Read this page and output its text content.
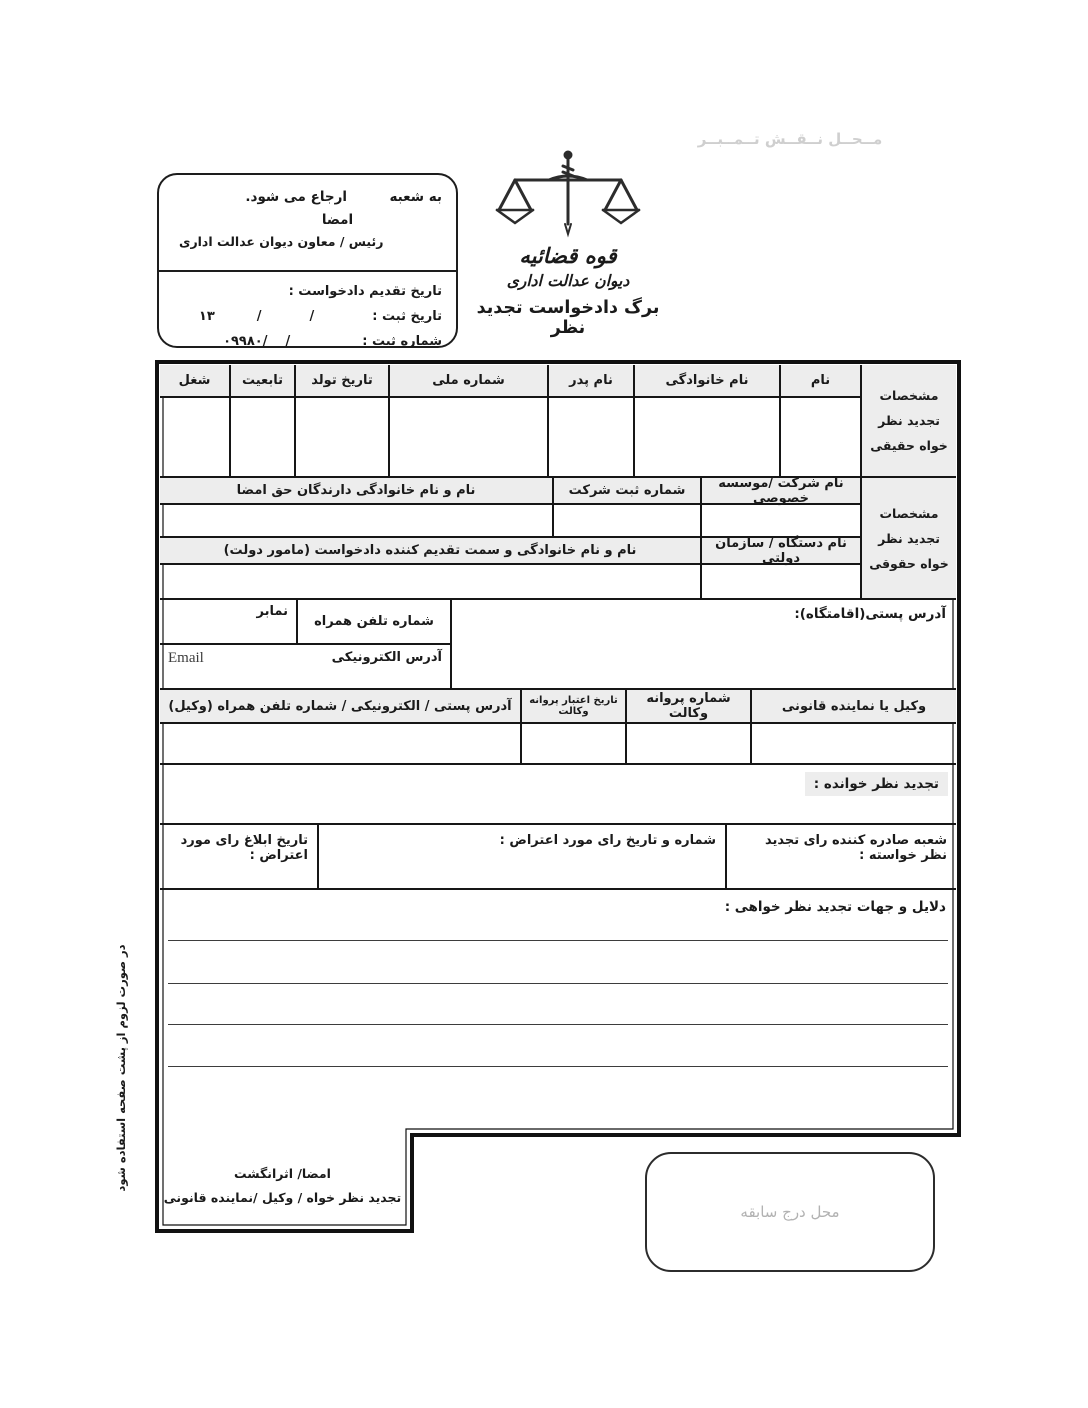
مــحــل نــقــش تــمــبــر
به شعبه
ارجاع می شود.
امضا
رئیس / معاون دیوان عدالت اداری
تاریخ تقدیم دادخواست :
تاریخ ثبت :
/
/
۱۳
شماره ثبت :
/
/۰۹۹۸۰
قوه قضائیه
دیوان عدالت اداری
برگ دادخواست تجدید نظر
مشخصات تجدید نظر خواه حقیقی
نام
نام خانوادگی
نام پدر
شماره ملی
تاریخ تولد
تابعیت
شغل
مشخصات تجدید نظر خواه حقوقی
نام شرکت /موسسه خصوصی
شماره ثبت شرکت
نام و نام خانوادگی دارندگان حق امضا
نام دستگاه / سازمان دولتی
نام و نام خانوادگی و سمت تقدیم کننده دادخواست (مامور دولت)
آدرس پستی(اقامتگاه):
شماره تلفن همراه
نمابر
آدرس الکترونیکی
Email
وکیل یا نماینده قانونی
شماره پروانه وکالت
تاریخ اعتبار پروانه وکالت
آدرس پستی / الکترونیکی / شماره تلفن همراه (وکیل)
تجدید نظر خوانده :
شعبه صادره کننده رای تجدید نظر خواسته :
شماره و تاریخ رای مورد اعتراض :
تاریخ ابلاغ رای مورد اعتراض :
دلایل و جهات تجدید نظر خواهی :
امضا/ اثرانگشت
تجدید نظر خواه / وکیل /نماینده قانونی
محل درج سابقه
در صورت لزوم از پشت صفحه استفاده شود
